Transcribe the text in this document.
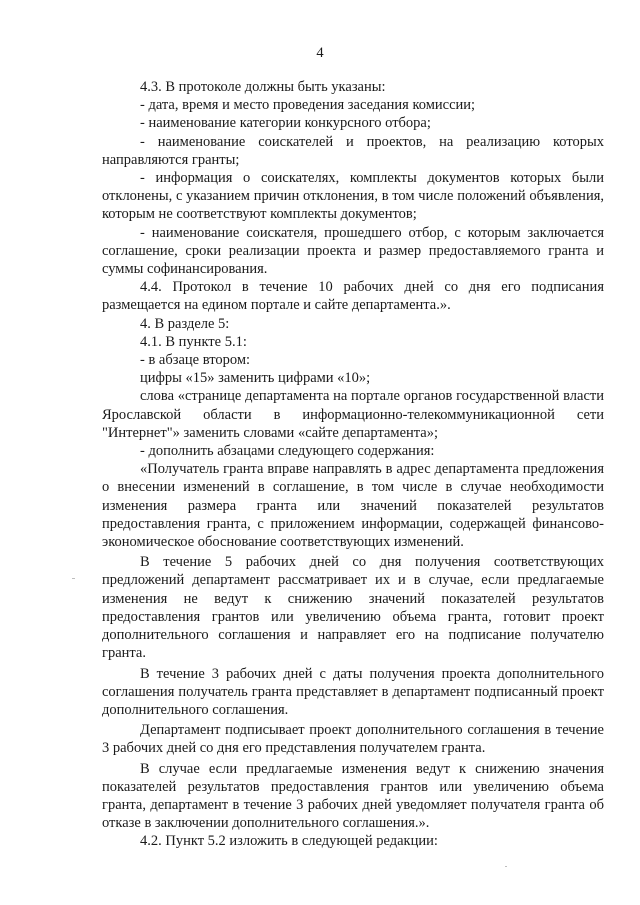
4

4.3. В протоколе должны быть указаны:

- дата, время и место проведения заседания комиссии;

- наименование категории конкурсного отбора;

- наименование соискателей и проектов, на реализацию которых направляются гранты;

- информация о соискателях, комплекты документов которых были отклонены, с указанием причин отклонения, в том числе положений объявления, которым не соответствуют комплекты документов;

- наименование соискателя, прошедшего отбор, с которым заключается соглашение, сроки реализации проекта и размер предоставляемого гранта и суммы софинансирования.

4.4. Протокол в течение 10 рабочих дней со дня его подписания размещается на едином портале и сайте департамента.».

4. В разделе 5:

4.1. В пункте 5.1:

- в абзаце втором:

цифры «15» заменить цифрами «10»;

слова «странице департамента на портале органов государственной власти Ярославской области в информационно-телекоммуникационной сети "Интернет"» заменить словами «сайте департамента»;

- дополнить абзацами следующего содержания:

«Получатель гранта вправе направлять в адрес департамента предложения о внесении изменений в соглашение, в том числе в случае необходимости изменения размера гранта или значений показателей результатов предоставления гранта, с приложением информации, содержащей финансово-экономическое обоснование соответствующих изменений.

В течение 5 рабочих дней со дня получения соответствующих предложений департамент рассматривает их и в случае, если предлагаемые изменения не ведут к снижению значений показателей результатов предоставления грантов или увеличению объема гранта, готовит проект дополнительного соглашения и направляет его на подписание получателю гранта.

В течение 3 рабочих дней с даты получения проекта дополнительного соглашения получатель гранта представляет в департамент подписанный проект дополнительного соглашения.

Департамент подписывает проект дополнительного соглашения в течение 3 рабочих дней со дня его представления получателем гранта.

В случае если предлагаемые изменения ведут к снижению значения показателей результатов предоставления грантов или увеличению объема гранта, департамент в течение 3 рабочих дней уведомляет получателя гранта об отказе в заключении дополнительного соглашения.».

4.2. Пункт 5.2 изложить в следующей редакции:
